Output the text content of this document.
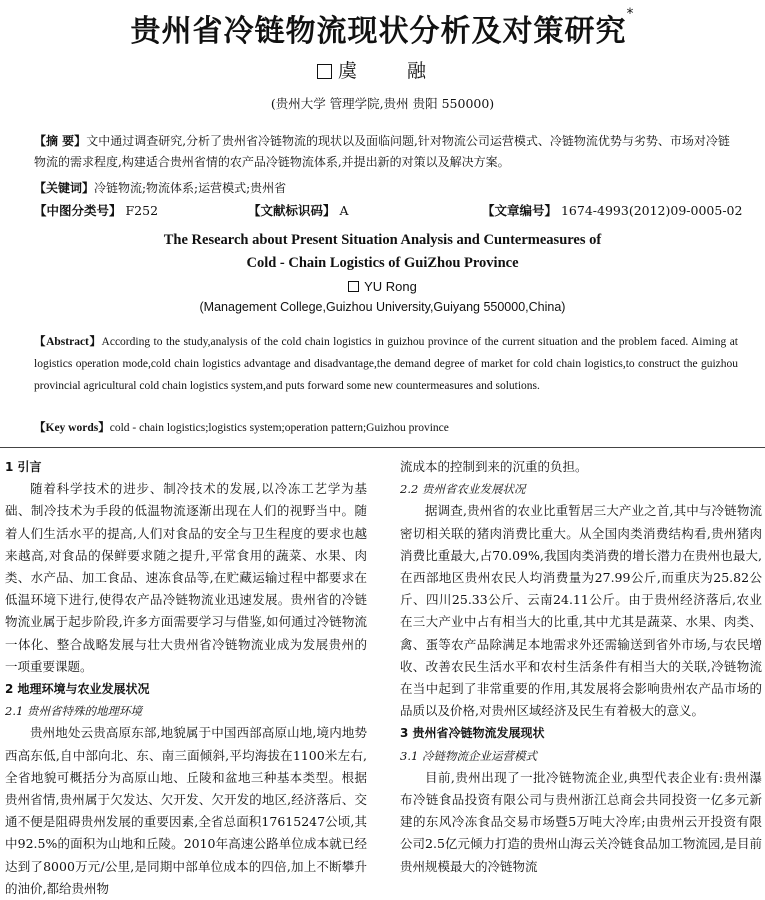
贵州省冷链物流现状分析及对策研究*
虞 融
(贵州大学 管理学院,贵州 贵阳 550000)
【摘 要】文中通过调查研究,分析了贵州省冷链物流的现状以及面临问题,针对物流公司运营模式、冷链物流优势与劣势、市场对冷链物流的需求程度,构建适合贵州省情的农产品冷链物流体系,并提出新的对策以及解决方案。
【关键词】冷链物流;物流体系;运营模式;贵州省
【中图分类号】 F252	【文献标识码】 A	【文章编号】 1674-4993(2012)09-0005-02
The Research about Present Situation Analysis and Cuntermeasures of
Cold - Chain Logistics of GuiZhou Province
YU Rong
(Management College,Guizhou University,Guiyang 550000,China)
【Abstract】According to the study,analysis of the cold chain logistics in guizhou province of the current situation and the problem faced. Aiming at logistics operation mode,cold chain logistics advantage and disadvantage,the demand degree of market for cold chain logistics,to construct the guizhou provincial agricultural cold chain logistics system,and puts forward some new countermeasures and solutions.
【Key words】cold - chain logistics;logistics system;operation pattern;Guizhou province
1 引言

随着科学技术的进步、制冷技术的发展,以冷冻工艺学为基础、制冷技术为手段的低温物流逐渐出现在人们的视野当中。随着人们生活水平的提高,人们对食品的安全与卫生程度的要求也越来越高,对食品的保鲜要求随之提升,平常食用的蔬菜、水果、肉类、水产品、加工食品、速冻食品等,在贮藏运输过程中都要求在低温环境下进行,使得农产品冷链物流业迅速发展。贵州省的冷链物流业属于起步阶段,许多方面需要学习与借鉴,如何通过冷链物流一体化、整合战略发展与壮大贵州省冷链物流业成为发展贵州的一项重要课题。

2 地理环境与农业发展状况
2.1 贵州省特殊的地理环境

贵州地处云贵高原东部,地貌属于中国西部高原山地,境内地势西高东低,自中部向北、东、南三面倾斜,平均海拔在1100米左右,全省地貌可概括分为高原山地、丘陵和盆地三种基本类型。根据贵州省情,贵州属于欠发达、欠开发、欠开发的地区,经济落后、交通不便是阻碍贵州发展的重要因素,全省总面积17615247公顷,其中92.5%的面积为山地和丘陵。2010年高速公路单位成本就已经达到了8000万元/公里,是同期中部单位成本的四倍,加上不断攀升的油价,都给贵州物

流成本的控制到来的沉重的负担。
2.2 贵州省农业发展状况

据调查,贵州省的农业比重暂居三大产业之首,其中与冷链物流密切相关联的猪肉消费比重大。从全国肉类消费结构看,贵州猪肉消费比重最大,占70.09%,我国肉类消费的增长潜力在贵州也最大,在西部地区贵州农民人均消费量为27.99公斤,而重庆为25.82公斤、四川25.33公斤、云南24.11公斤。由于贵州经济落后,农业在三大产业中占有相当大的比重,其中尤其是蔬菜、水果、肉类、禽、蛋等农产品除满足本地需求外还需输送到省外市场,与农民增收、改善农民生活水平和农村生活条件有相当大的关联,冷链物流在当中起到了非常重要的作用,其发展将会影响贵州农产品市场的品质以及价格,对贵州区域经济及民生有着极大的意义。

3 贵州省冷链物流发展现状
3.1 冷链物流企业运营模式

目前,贵州出现了一批冷链物流企业,典型代表企业有:贵州瀑布冷链食品投资有限公司与贵州浙江总商会共同投资一亿多元新建的东风冷冻食品交易市场暨5万吨大冷库;由贵州云开投资有限公司2.5亿元倾力打造的贵州山海云关冷链食品加工物流园,是目前贵州规模最大的冷链物流
